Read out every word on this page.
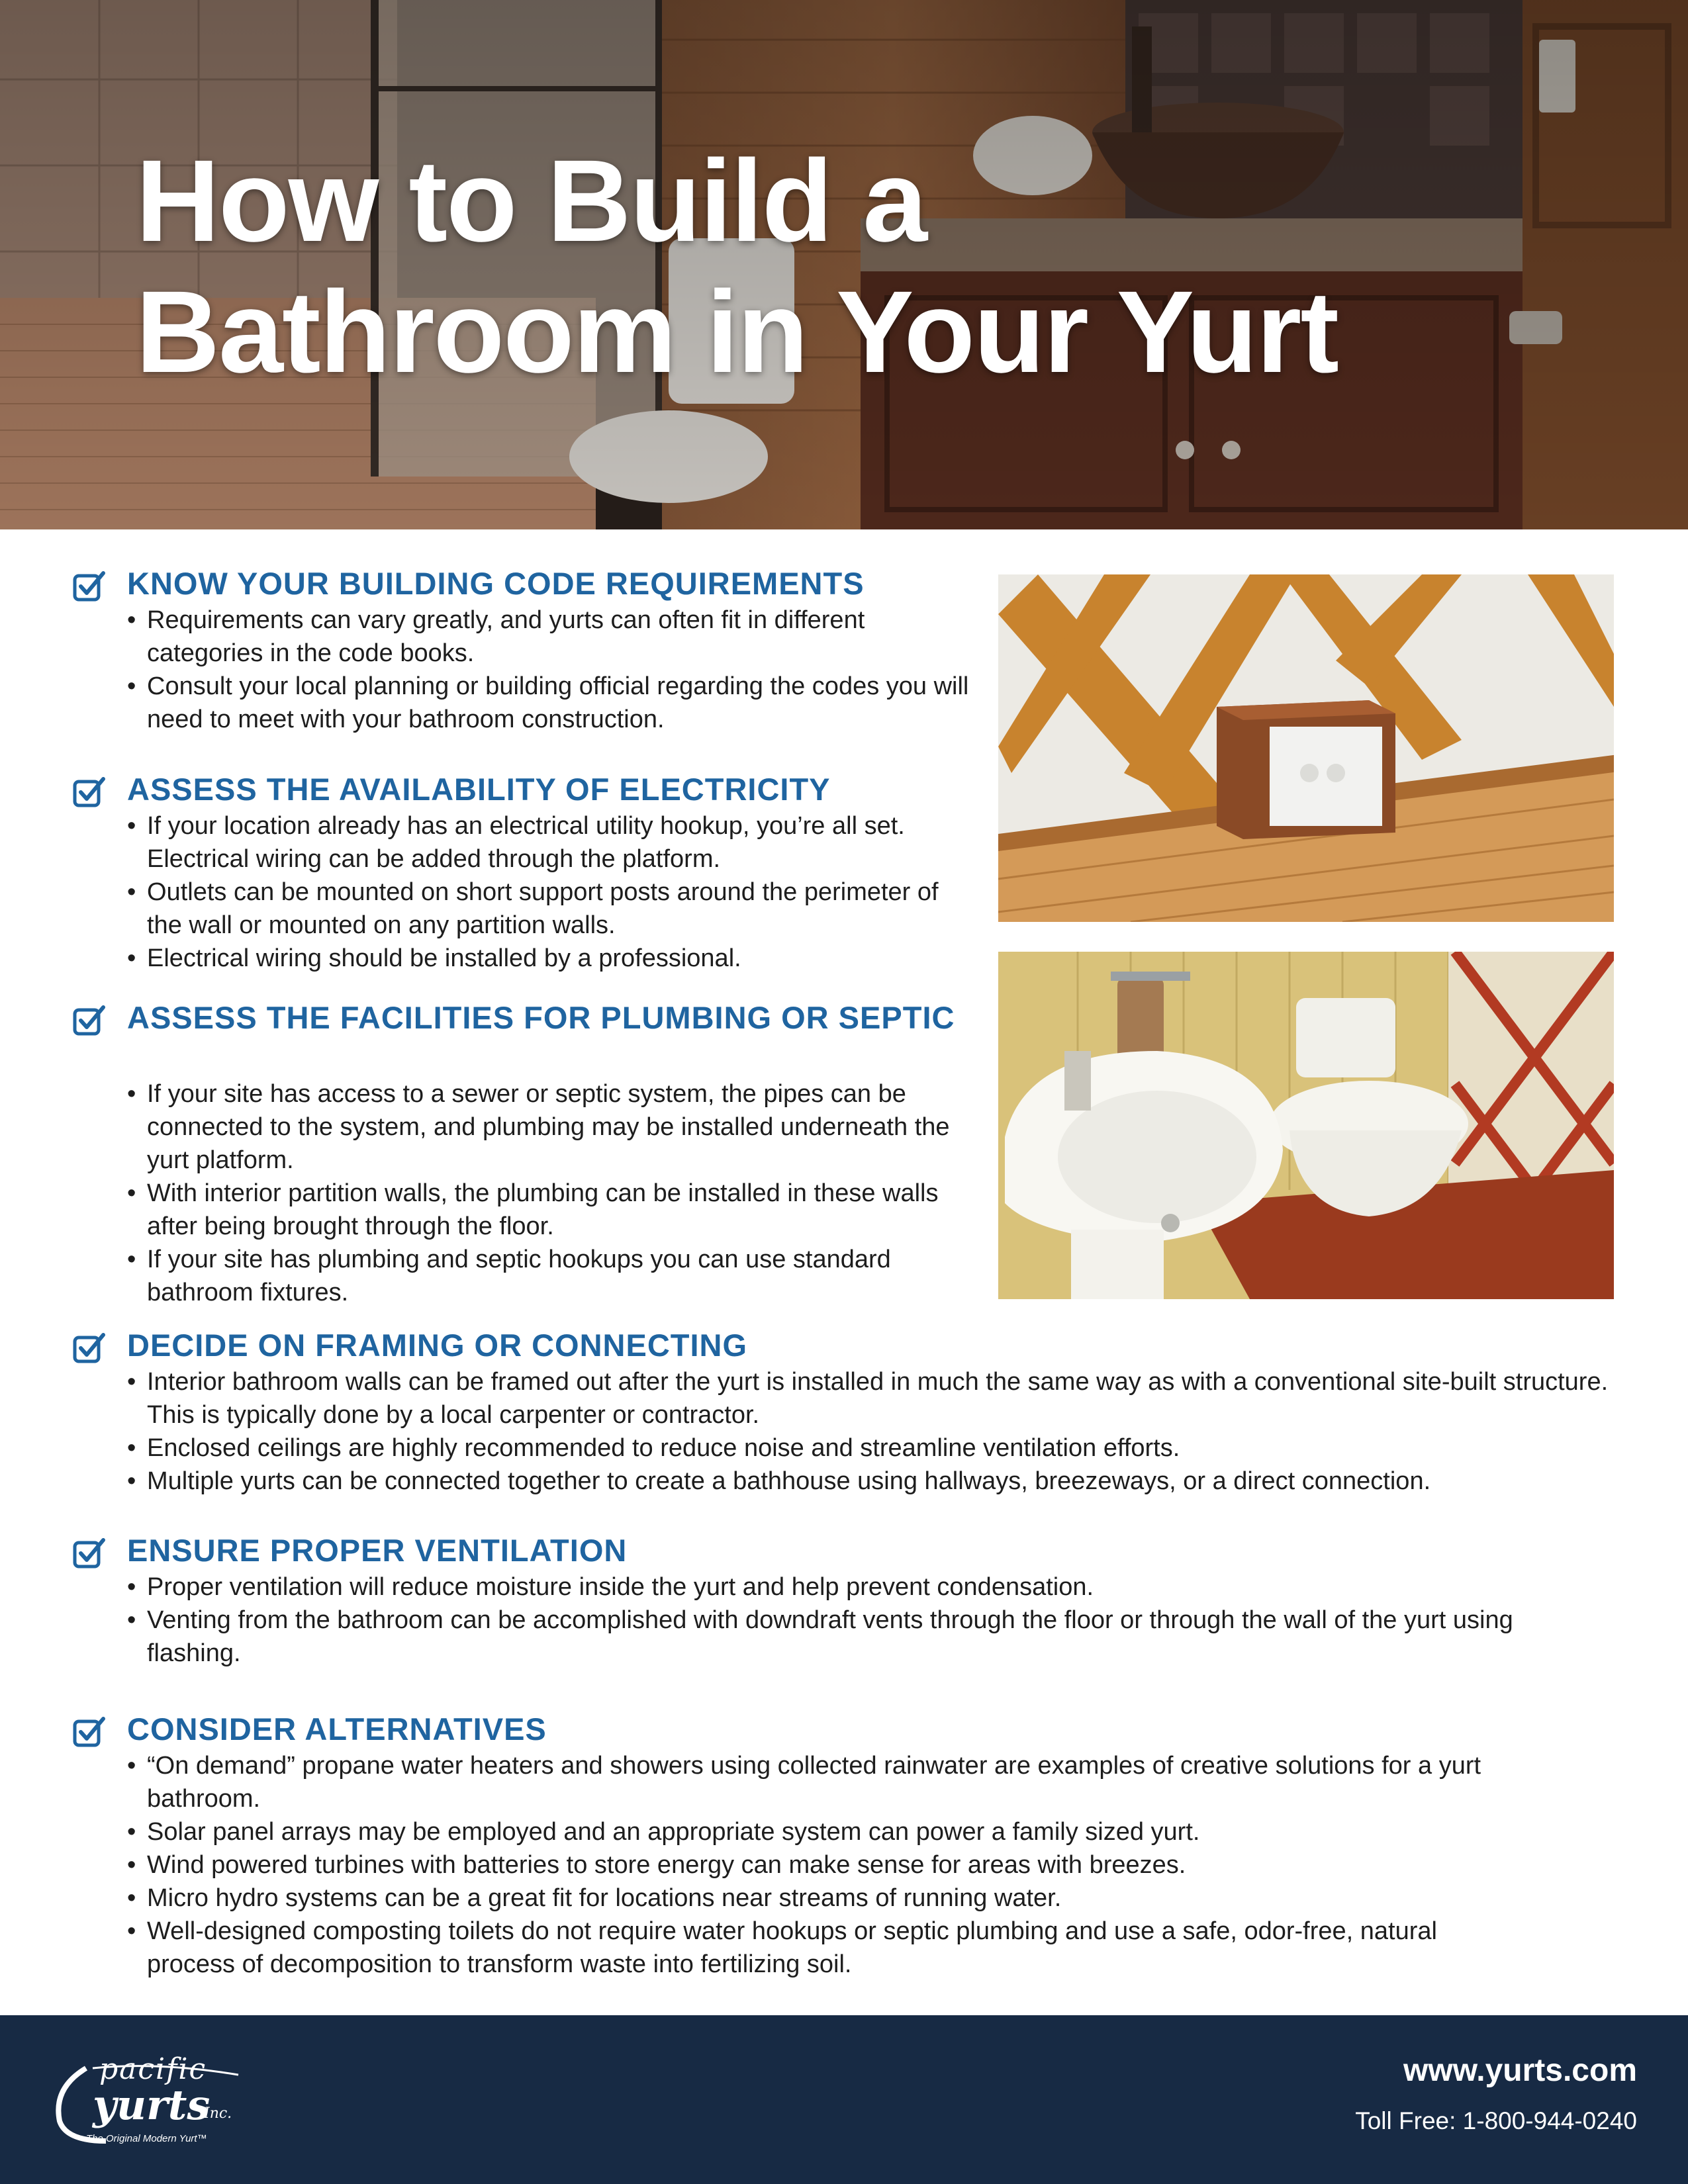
How to Build a
Bathroom in Your Yurt
KNOW YOUR BUILDING CODE REQUIREMENTS
• Requirements can vary greatly, and yurts can often fit in different categories in the code books.
• Consult your local planning or building official regarding the codes you will need to meet with your bathroom construction.
ASSESS THE AVAILABILITY OF ELECTRICITY
• If your location already has an electrical utility hookup, you’re all set. Electrical wiring can be added through the platform.
• Outlets can be mounted on short support posts around the perimeter of the wall or mounted on any partition walls.
• Electrical wiring should be installed by a professional.
ASSESS THE FACILITIES FOR PLUMBING OR SEPTIC
• If your site has access to a sewer or septic system, the pipes can be connected to the system, and plumbing may be installed underneath the yurt platform.
• With interior partition walls, the plumbing can be installed in these walls after being brought through the floor.
• If your site has plumbing and septic hookups you can use standard bathroom fixtures.
DECIDE ON FRAMING OR CONNECTING
• Interior bathroom walls can be framed out after the yurt is installed in much the same way as with a conventional site-built structure. This is typically done by a local carpenter or contractor.
• Enclosed ceilings are highly recommended to reduce noise and streamline ventilation efforts.
• Multiple yurts can be connected together to create a bathhouse using hallways, breezeways, or a direct connection.
ENSURE PROPER VENTILATION
• Proper ventilation will reduce moisture inside the yurt and help prevent condensation.
• Venting from the bathroom can be accomplished with downdraft vents through the floor or through the wall of the yurt using flashing.
CONSIDER ALTERNATIVES
• “On demand” propane water heaters and showers using collected rainwater are examples of creative solutions for a yurt bathroom.
• Solar panel arrays may be employed and an appropriate system can power a family sized yurt.
• Wind powered turbines with batteries to store energy can make sense for areas with breezes.
• Micro hydro systems can be a great fit for locations near streams of running water.
• Well-designed composting toilets do not require water hookups or septic plumbing and use a safe, odor-free, natural process of decomposition to transform waste into fertilizing soil.
pacific
yurts
Inc.
The Original Modern Yurt™

www.yurts.com

Toll Free: 1-800-944-0240
